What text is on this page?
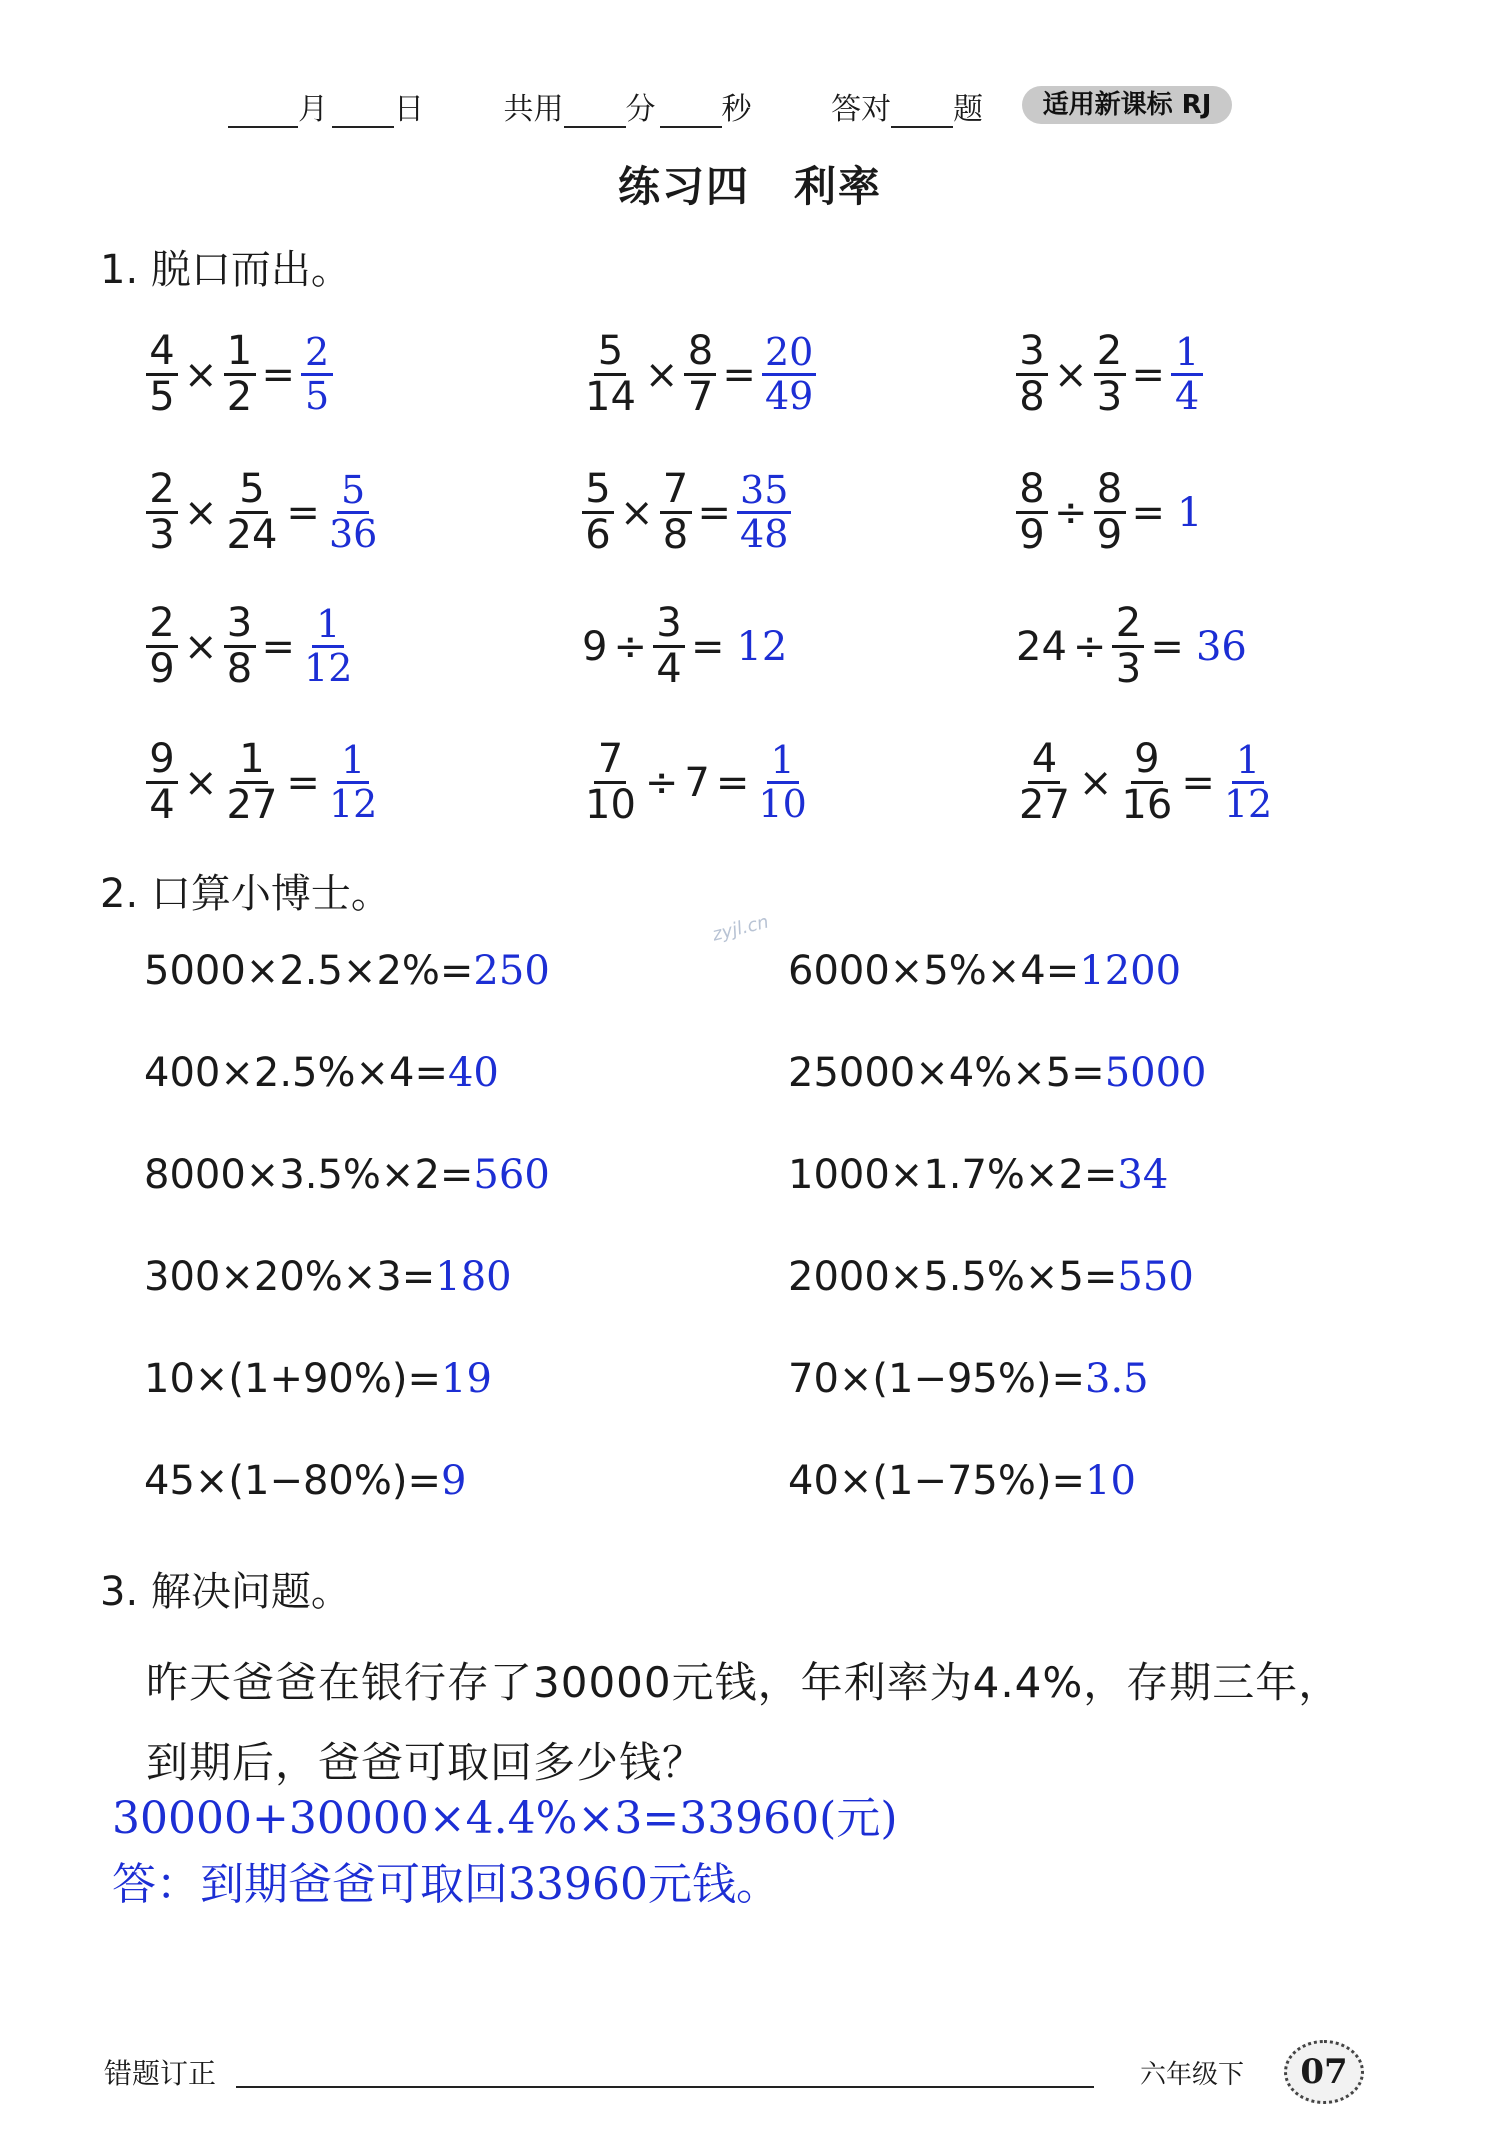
月 日	共用 分 秒	答对 题	适用新课标 RJ
练习四　利率
1. 脱口而出。
$\frac{4}{5} \times \frac{1}{2} = \frac{2}{5}$	$\frac{5}{14} \times \frac{8}{7} = \frac{20}{49}$	$\frac{3}{8} \times \frac{2}{3} = \frac{1}{4}$
$\frac{2}{3} \times \frac{5}{24} = \frac{5}{36}$	$\frac{5}{6} \times \frac{7}{8} = \frac{35}{48}$	$\frac{8}{9} \div \frac{8}{9} = 1$
$\frac{2}{9} \times \frac{3}{8} = \frac{1}{12}$	$9 \div \frac{3}{4} = 12$	$24 \div \frac{2}{3} = 36$
$\frac{9}{4} \times \frac{1}{27} = \frac{1}{12}$	$\frac{7}{10} \div 7 = \frac{1}{10}$	$\frac{4}{27} \times \frac{9}{16} = \frac{1}{12}$
2. 口算小博士。
5000×2.5×2%=250	6000×5%×4=1200
400×2.5%×4=40	25000×4%×5=5000
8000×3.5%×2=560	1000×1.7%×2=34
300×20%×3=180	2000×5.5%×5=550
10×(1+90%)=19	70×(1−95%)=3.5
45×(1−80%)=9	40×(1−75%)=10
zyjl.cn
3. 解决问题。
昨天爸爸在银行存了30000元钱，年利率为4.4%，存期三年，
到期后，爸爸可取回多少钱？
30000+30000×4.4%×3=33960(元)
答：到期爸爸可取回33960元钱。
错题订正	六年级下	07
